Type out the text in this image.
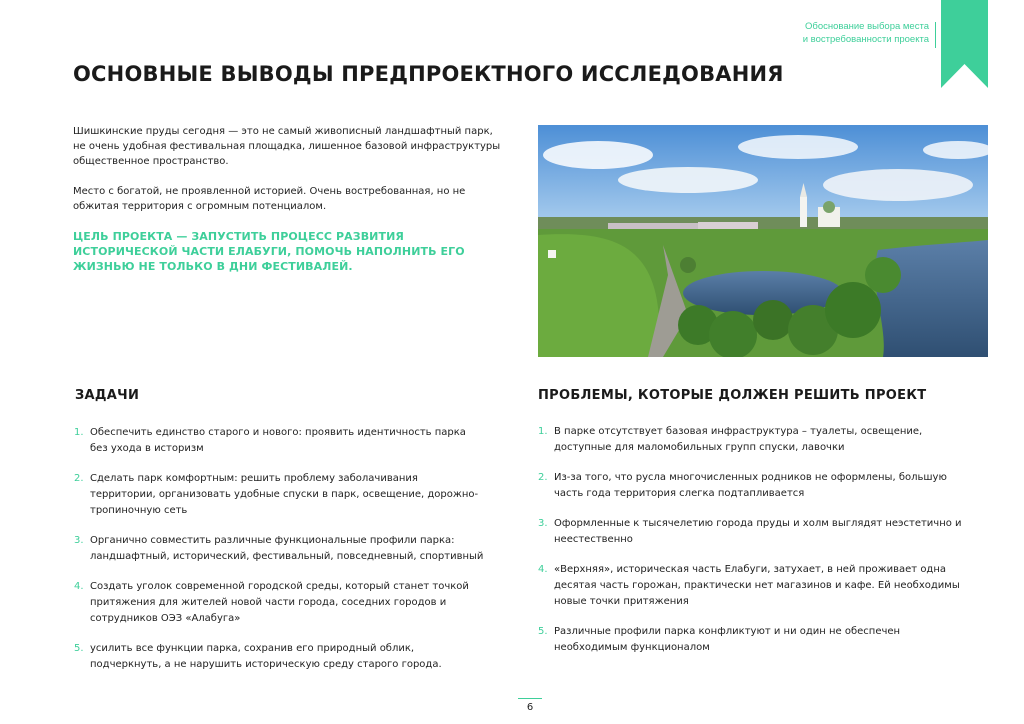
Обоснование выбора места
и востребованности проекта
ОСНОВНЫЕ ВЫВОДЫ ПРЕДПРОЕКТНОГО ИССЛЕДОВАНИЯ

Шишкинские пруды сегодня — это не самый живописный ландшафтный парк, не очень удобная фестивальная площадка, лишенное базовой инфраструктуры общественное пространство.

Место с богатой, не проявленной историей. Очень востребованная, но не обжитая территория с огромным потенциалом.

ЦЕЛЬ ПРОЕКТА — ЗАПУСТИТЬ ПРОЦЕСС РАЗВИТИЯ ИСТОРИЧЕСКОЙ ЧАСТИ ЕЛАБУГИ, ПОМОЧЬ НАПОЛНИТЬ ЕГО ЖИЗНЬЮ НЕ ТОЛЬКО В ДНИ ФЕСТИВАЛЕЙ.

ЗАДАЧИ
1. Обеспечить единство старого и нового: проявить идентичность парка без ухода в историзм
2. Сделать парк комфортным: решить проблему заболачивания территории, организовать удобные спуски в парк, освещение, дорожно-тропиночную сеть
3. Органично совместить различные функциональные профили парка: ландшафтный, исторический, фестивальный, повседневный, спортивный
4. Создать уголок современной городской среды, который станет точкой притяжения для жителей новой части города, соседних городов и сотрудников ОЭЗ «Алабуга»
5. усилить все функции парка, сохранив его природный облик, подчеркнуть, а не нарушить историческую среду старого города.
ПРОБЛЕМЫ, КОТОРЫЕ ДОЛЖЕН РЕШИТЬ ПРОЕКТ
1. В парке отсутствует базовая инфраструктура – туалеты, освещение, доступные для маломобильных групп спуски, лавочки
2. Из-за того, что русла многочисленных родников не оформлены, большую часть года территория слегка подтапливается
3. Оформленные к тысячелетию города пруды и холм выглядят неэстетично и неестественно
4. «Верхняя», историческая часть Елабуги, затухает, в ней проживает одна десятая часть горожан, практически нет магазинов и кафе. Ей необходимы новые точки притяжения
5. Различные профили парка конфликтуют и ни один не обеспечен необходимым функционалом
6
